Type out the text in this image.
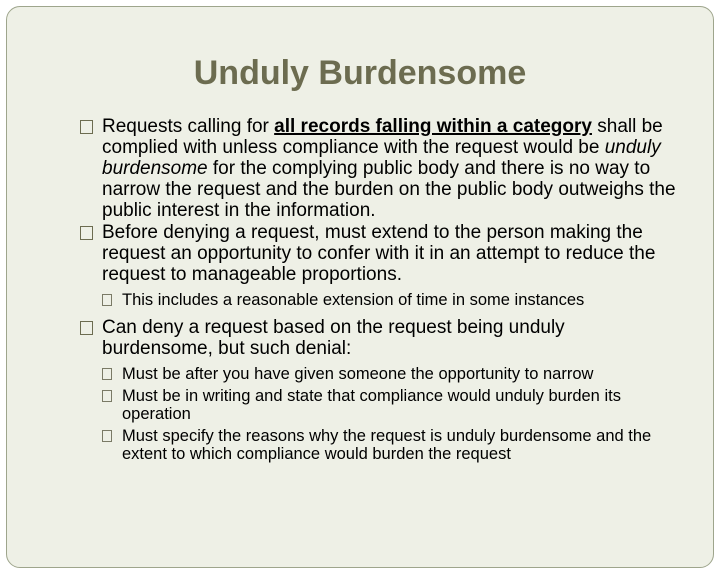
Unduly Burdensome

Requests calling for all records falling within a category shall be complied with unless compliance with the request would be unduly burdensome for the complying public body and there is no way to narrow the request and the burden on the public body outweighs the public interest in the information.

Before denying a request, must extend to the person making the request an opportunity to confer with it in an attempt to reduce the request to manageable proportions.

This includes a reasonable extension of time in some instances

Can deny a request based on the request being unduly burdensome, but such denial:

Must be after you have given someone the opportunity to narrow

Must be in writing and state that compliance would unduly burden its operation

Must specify the reasons why the request is unduly burdensome and the extent to which compliance would burden the request
